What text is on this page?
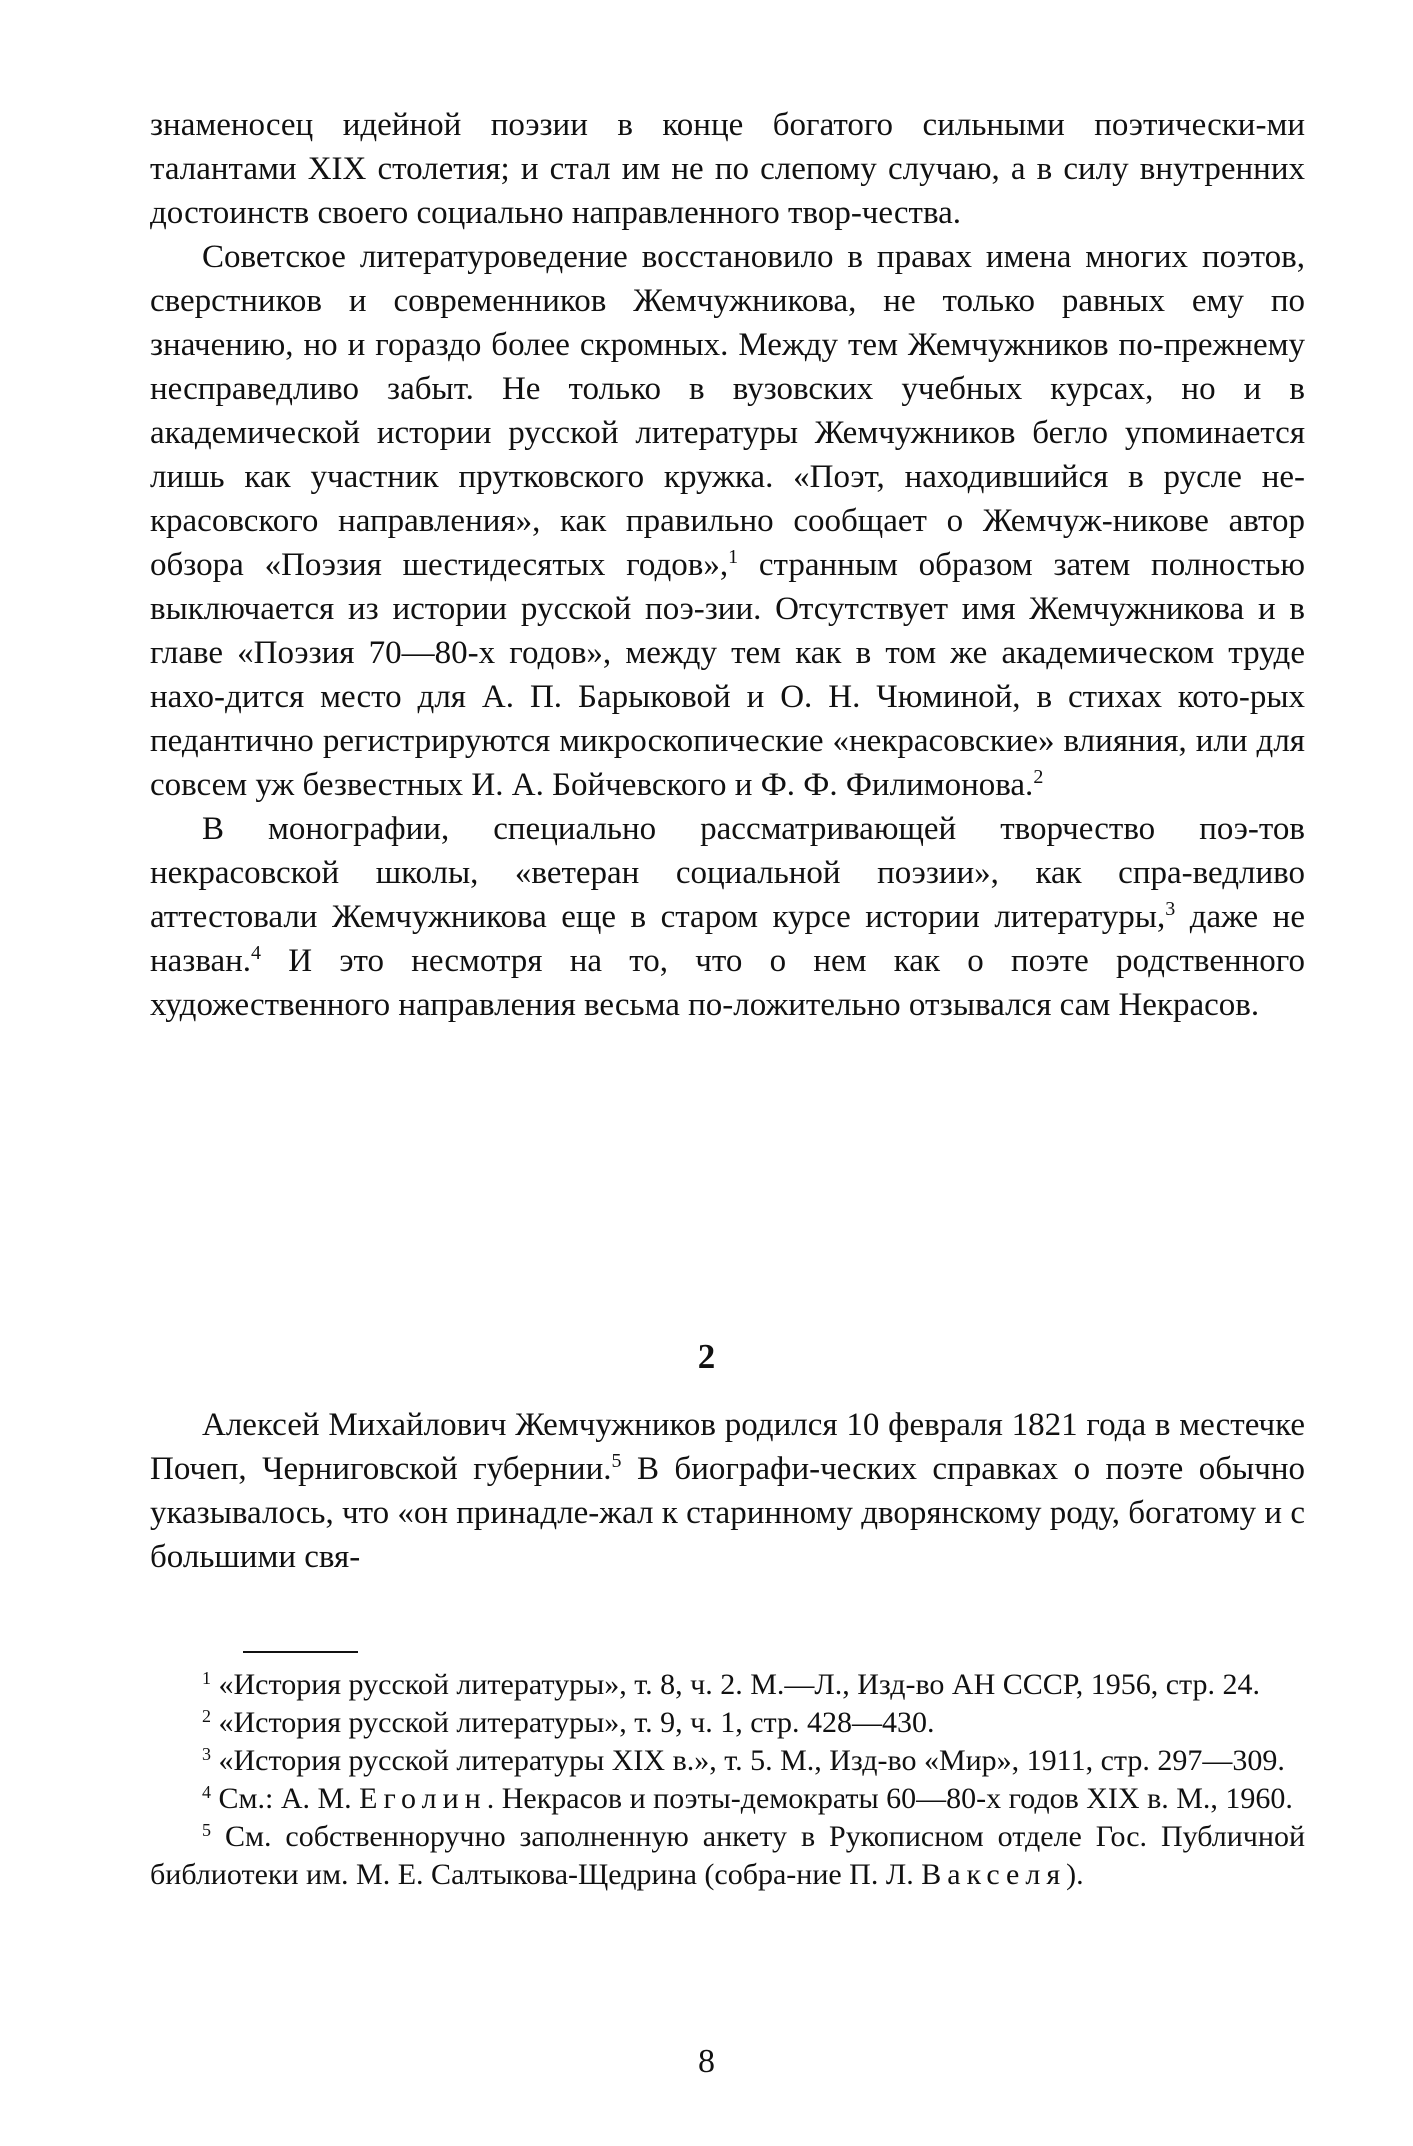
знаменосец идейной поэзии в конце богатого сильными поэтически-ми талантами XIX столетия; и стал им не по слепому случаю, а в силу внутренних достоинств своего социально направленного твор-чества.

Советское литературоведение восстановило в правах имена многих поэтов, сверстников и современников Жемчужникова, не только равных ему по значению, но и гораздо более скромных. Между тем Жемчужников по-прежнему несправедливо забыт. Не только в вузовских учебных курсах, но и в академической истории русской литературы Жемчужников бегло упоминается лишь как участник прутковского кружка. «Поэт, находившийся в русле не-красовского направления», как правильно сообщает о Жемчуж-никове автор обзора «Поэзия шестидесятых годов»,$^1$ странным образом затем полностью выключается из истории русской поэ-зии. Отсутствует имя Жемчужникова и в главе «Поэзия 70—80-х годов», между тем как в том же академическом труде нахо-дится место для А. П. Барыковой и О. Н. Чюминой, в стихах кото-рых педантично регистрируются микроскопические «некрасовские» влияния, или для совсем уж безвестных И. А. Бойчевского и Ф. Ф. Филимонова.$^2$

В монографии, специально рассматривающей творчество поэ-тов некрасовской школы, «ветеран социальной поэзии», как спра-ведливо аттестовали Жемчужникова еще в старом курсе истории литературы,$^3$ даже не назван.$^4$ И это несмотря на то, что о нем как о поэте родственного художественного направления весьма по-ложительно отзывался сам Некрасов.

2

Алексей Михайлович Жемчужников родился 10 февраля 1821 года в местечке Почеп, Черниговской губернии.$^5$ В биографи-ческих справках о поэте обычно указывалось, что «он принадле-жал к старинному дворянскому роду, богатому и с большими свя-

$^1$ «История русской литературы», т. 8, ч. 2. М.—Л., Изд-во АН СССР, 1956, стр. 24.

$^2$ «История русской литературы», т. 9, ч. 1, стр. 428—430.

$^3$ «История русской литературы XIX в.», т. 5. М., Изд-во «Мир», 1911, стр. 297—309.

$^4$ См.: А. М. Еголин. Некрасов и поэты-демократы 60—80-х годов XIX в. М., 1960.

$^5$ См. собственноручно заполненную анкету в Рукописном отделе Гос. Публичной библиотеки им. М. Е. Салтыкова-Щедрина (собра-ние П. Л. Вакселя).

8
